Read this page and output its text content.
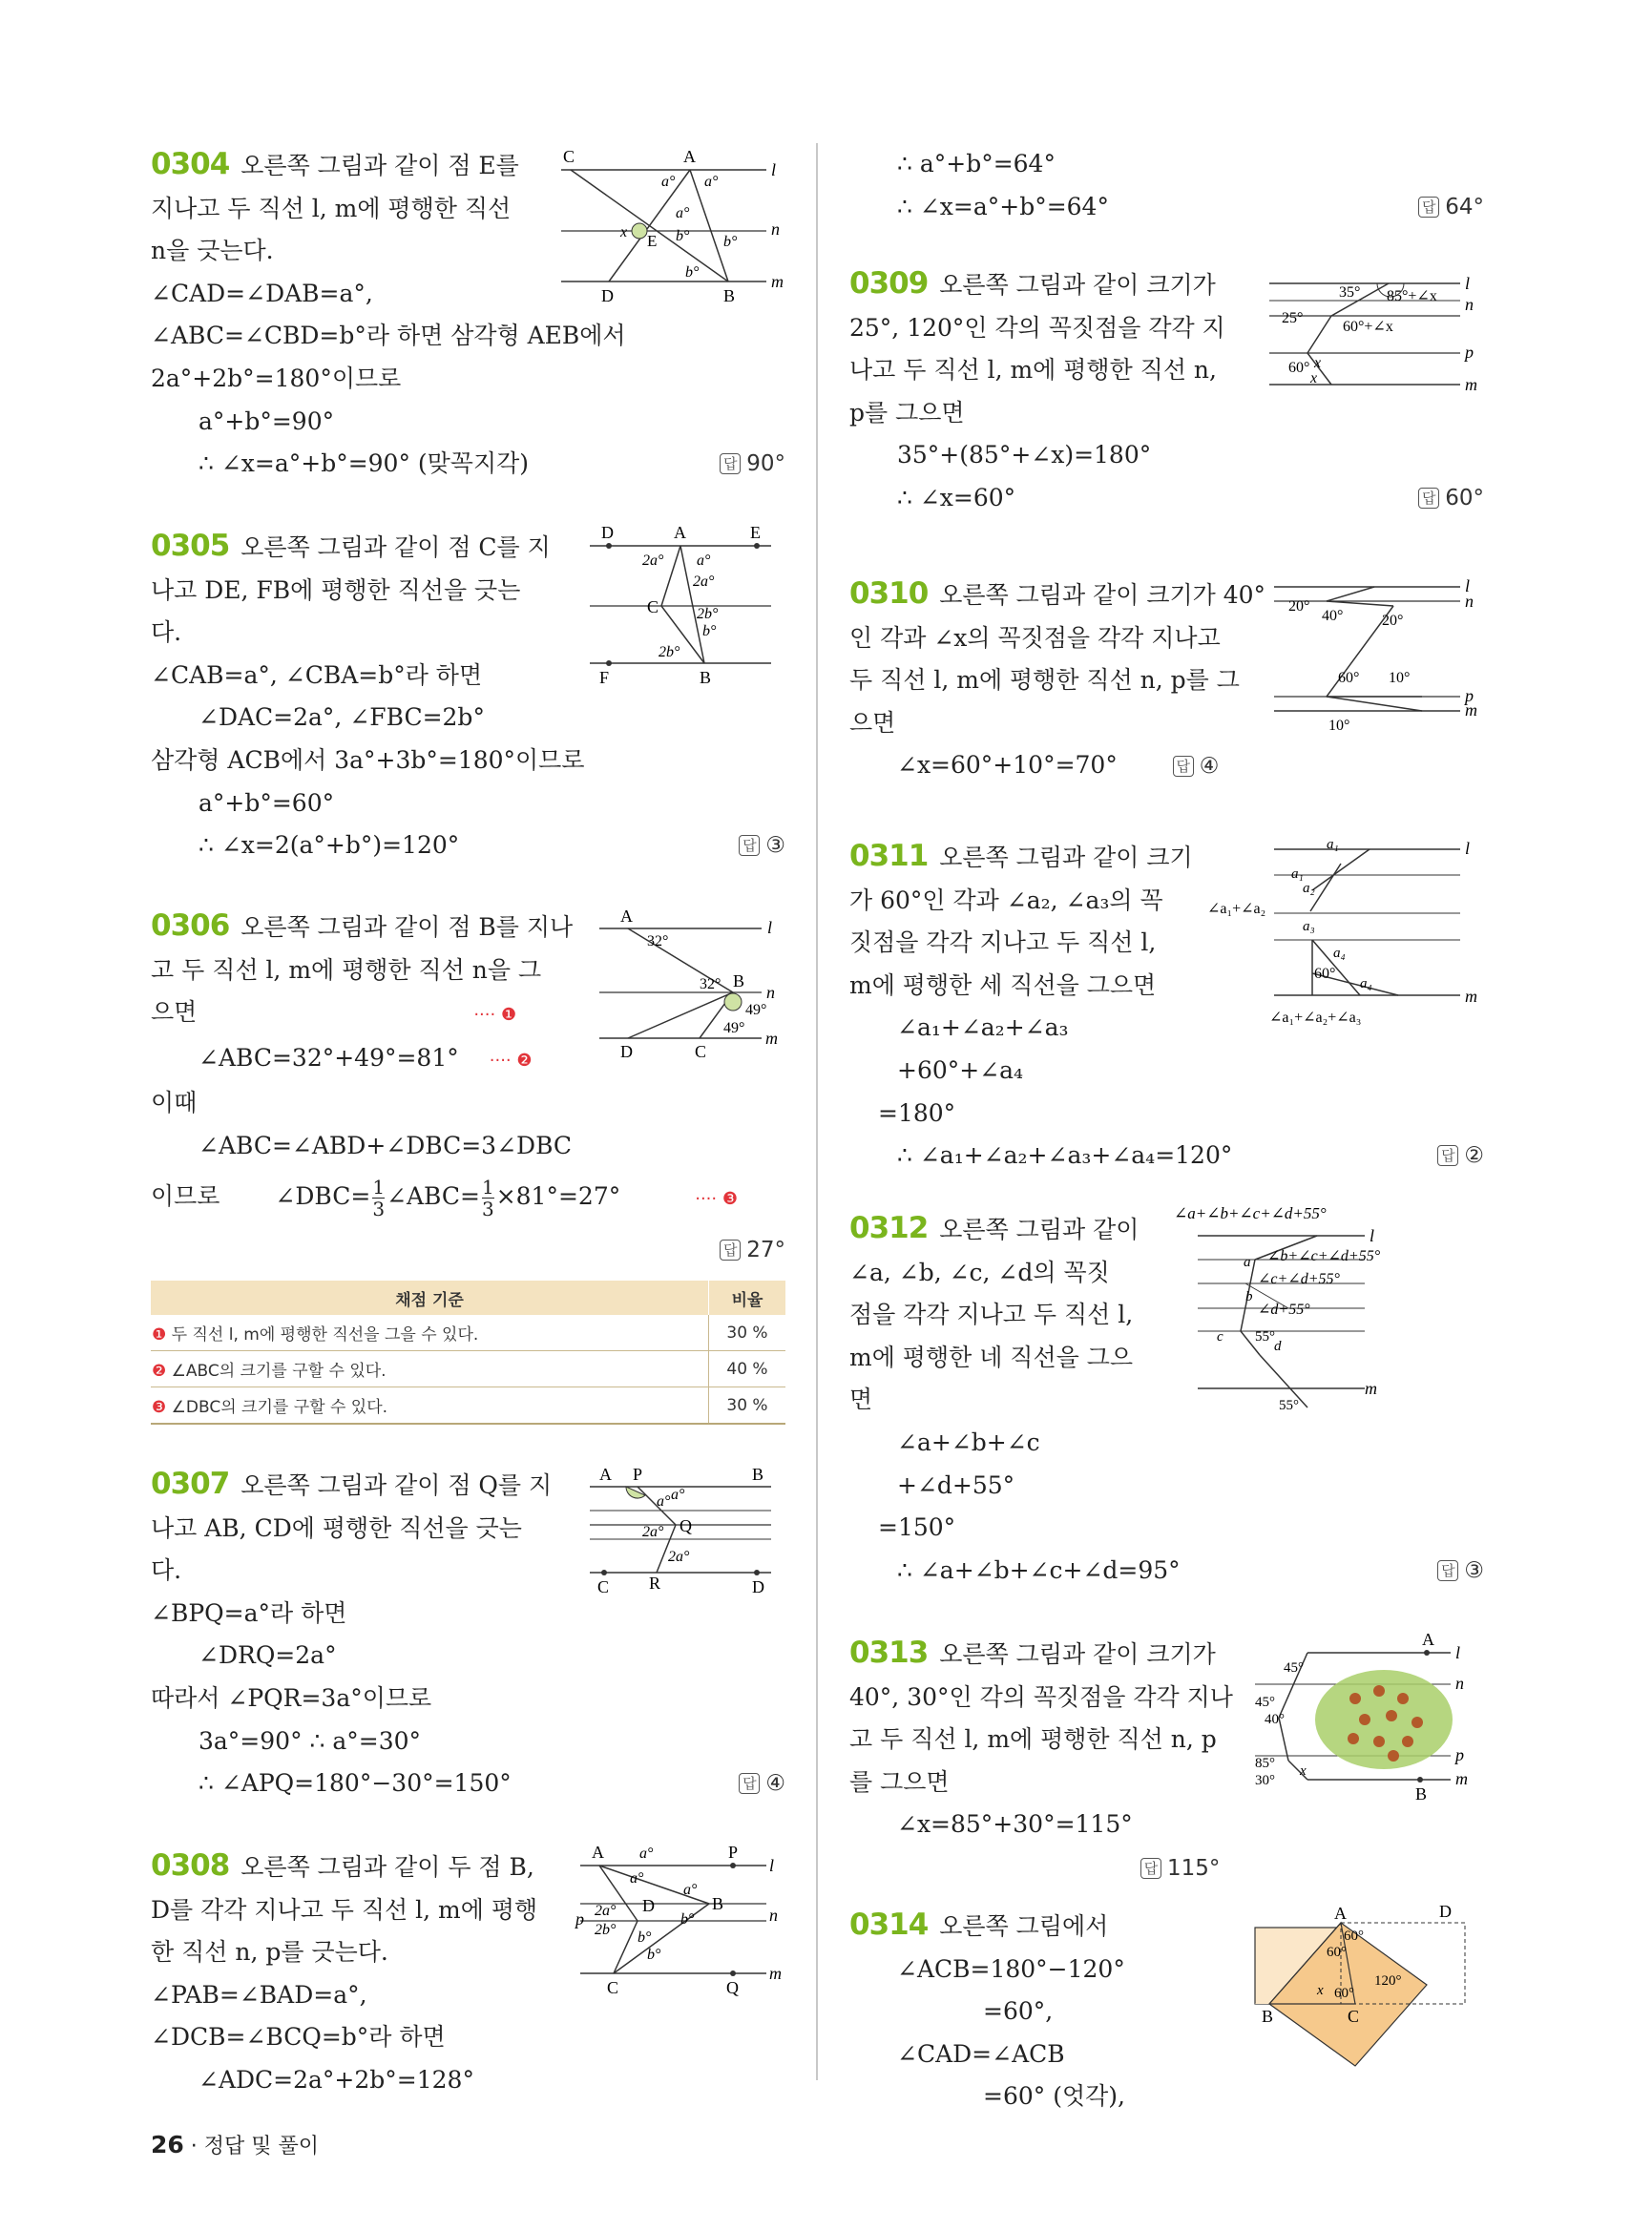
C	A
l
n
m
E
x
D	B
a° a°
a°
b° b°
b°
0304 오른쪽 그림과 같이 점 E를
지나고 두 직선 l, m에 평행한 직선
n을 긋는다.
∠CAD=∠DAB=a°,
∠ABC=∠CBD=b°라 하면 삼각형 AEB에서
2a°+2b°=180°이므로
a°+b°=90°
∴ ∠x=a°+b°=90° (맞꼭지각)	답 90°
D	A	E
F	B
C
2a° a°
2a°
2b°
b°
2b°
0305 오른쪽 그림과 같이 점 C를 지
나고 DE, FB에 평행한 직선을 긋는
다.
∠CAB=a°, ∠CBA=b°라 하면
∠DAC=2a°, ∠FBC=2b°
삼각형 ACB에서 3a°+3b°=180°이므로
a°+b°=60°
∴ ∠x=2(a°+b°)=120°	답 ③
A
l
32°
32° B
n
49°
49°
D	C
m
0306 오른쪽 그림과 같이 점 B를 지나
고 두 직선 l, m에 평행한 직선 n을 그
으면	···· ❶
∠ABC=32°+49°=81° ···· ❷
이때
∠ABC=∠ABD+∠DBC=3∠DBC
이므로 ∠DBC= $\frac{1}{3}$ ∠ABC= $\frac{1}{3} \times 81^\circ=27^\circ$	···· ❸
답 27°
채점 기준	비율
❶ 두 직선 l, m에 평행한 직선을 그을 수 있다.	30 %
❷ ∠ABC의 크기를 구할 수 있다.	40 %
❸ ∠DBC의 크기를 구할 수 있다.	30 %
A P	B
a° a°
2a° Q
2a°
C R	D
0307 오른쪽 그림과 같이 점 Q를 지
나고 AB, CD에 평행한 직선을 긋는
다.
∠BPQ=a°라 하면
∠DRQ=2a°
따라서 ∠PQR=3a°이므로
3a°=90° ∴ a°=30°
∴ ∠APQ=180°−30°=150°	답 ④
A	P
l
a°
a°
a°
p	n
2a°
2b°
D	B
b°
b°
b°
m
C	Q
0308 오른쪽 그림과 같이 두 점 B,
D를 각각 지나고 두 직선 l, m에 평행
한 직선 n, p를 긋는다.
∠PAB=∠BAD=a°,
∠DCB=∠BCQ=b°라 하면
∠ADC=2a°+2b°=128°
∴ a°+b°=64°
∴ ∠x=a°+b°=64°	답 64°
35° 85°+∠x
l
n
25°
60°+∠x
x
60°
x
p
m
0309 오른쪽 그림과 같이 크기가
25°, 120°인 각의 꼭짓점을 각각 지
나고 두 직선 l, m에 평행한 직선 n,
p를 그으면
35°+(85°+∠x)=180°
∴ ∠x=60°	답 60°
20°
40°	20°
l
n
60° 10°
p
m
10°
0310 오른쪽 그림과 같이 크기가 40°
인 각과 ∠x의 꼭짓점을 각각 지나고
두 직선 l, m에 평행한 직선 n, p를 그
으면
∠x=60°+10°=70°	답 ④
a₁
a₁
a₂
∠a₁+∠a₂
a₃
a₄
60°
a₄
l
m
∠a₁+∠a₂+∠a₃
0311 오른쪽 그림과 같이 크기
가 60°인 각과 ∠a₂, ∠a₃의 꼭
짓점을 각각 지나고 두 직선 l,
m에 평행한 세 직선을 그으면
∠a₁+∠a₂+∠a₃
+60°+∠a₄
=180°
∴ ∠a₁+∠a₂+∠a₃+∠a₄=120°	답 ②
∠a+∠b+∠c+∠d+55°
l
a ∠b+∠c+∠d+55°
∠c+∠d+55°
b
∠d+55°
c 55°
d
m
55°
0312 오른쪽 그림과 같이
∠a, ∠b, ∠c, ∠d의 꼭짓
점을 각각 지나고 두 직선 l,
m에 평행한 네 직선을 그으
면
∠a+∠b+∠c
+∠d+55°
=150°
∴ ∠a+∠b+∠c+∠d=95°	답 ③
A
B
l
n
p
m
45°
45°
40°
85°
30°
x
0313 오른쪽 그림과 같이 크기가
40°, 30°인 각의 꼭짓점을 각각 지나
고 두 직선 l, m에 평행한 직선 n, p
를 그으면
∠x=85°+30°=115°
답 115°
A	D
B	C
60°
60°
x 60°
120°
0314 오른쪽 그림에서
∠ACB=180°−120°
=60°,
∠CAD=∠ACB
=60° (엇각),
26 · 정답 및 풀이
